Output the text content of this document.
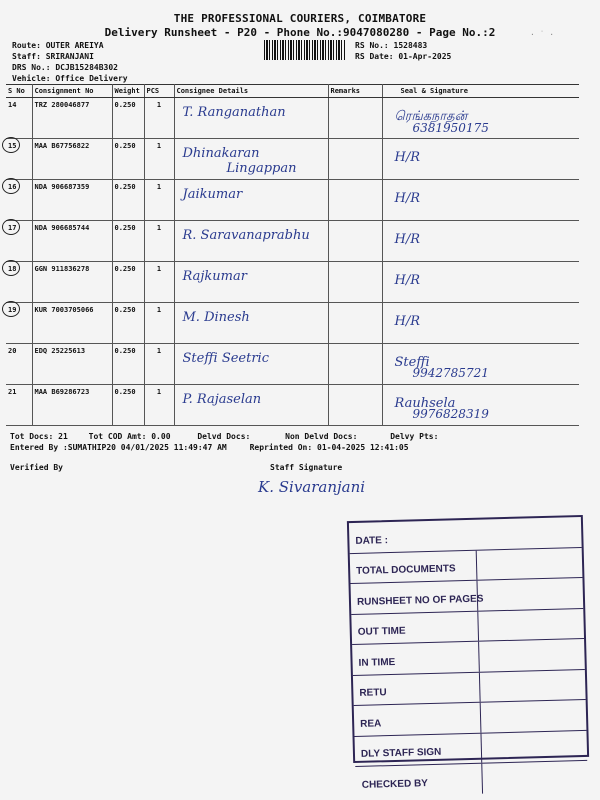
THE PROFESSIONAL COURIERS, COIMBATORE
Delivery Runsheet - P20 - Phone No.:9047080280 - Page No.:2
Route: OUTER AREIYA
Staff: SRIRANJANI
DRS No.: DCJB15284B302
Vehicle: Office Delivery
RS No.: 1528483
RS Date: 01-Apr-2025
· ˙ ·
S No	Consignment No	Weight	PCS	Consignee Details	Remarks	Seal & Signature
14	TRZ 280046877	0.250	1	T. Ranganathan		ரெங்கநாதன்
6381950175

15	MAA B67756822	0.250	1	Dhinakaran
Lingappan		H/R

16	NDA 906687359	0.250	1	Jaikumar		H/R

17	NDA 906685744	0.250	1	R. Saravanaprabhu		H/R

18	GGN 911836278	0.250	1	Rajkumar		H/R

19	KUR 7003705066	0.250	1	M. Dinesh		H/R

20	EDQ 25225613	0.250	1	Steffi Seetric		Steffi
9942785721

21	MAA B69286723	0.250	1	P. Rajaselan		Rauhsela
9976828319
Tot Docs: 21	Tot COD Amt: 0.00	Delvd Docs:	Non Delvd Docs:	Delvy Pts:
Entered By :SUMATHIP20 04/01/2025 11:49:47 AM	Reprinted On: 01-04-2025 12:41:05
Verified By	Staff Signature
K. Sivaranjani
DATE :
TOTAL DOCUMENTS
RUNSHEET NO OF PAGES
OUT TIME
IN TIME
RETU
REA
DLY STAFF SIGN
CHECKED BY
